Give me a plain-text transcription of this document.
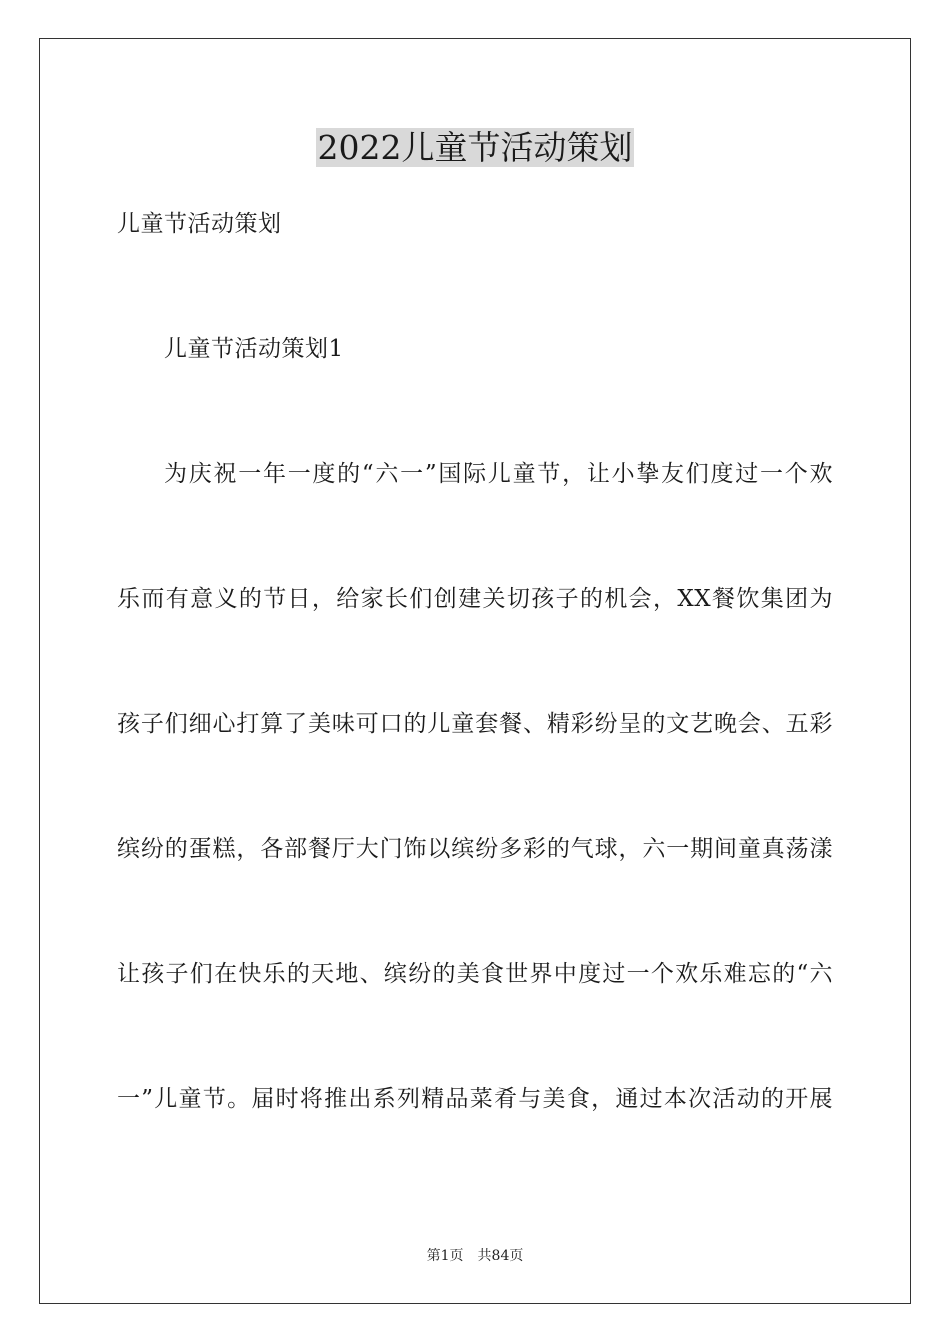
2022儿童节活动策划
儿童节活动策划
儿童节活动策划1
为庆祝一年一度的“六一”国际儿童节，让小挚友们度过一个欢
乐而有意义的节日，给家长们创建关切孩子的机会，XX餐饮集团为
孩子们细心打算了美味可口的儿童套餐、精彩纷呈的文艺晚会、五彩
缤纷的蛋糕，各部餐厅大门饰以缤纷多彩的气球，六一期间童真荡漾
让孩子们在快乐的天地、缤纷的美食世界中度过一个欢乐难忘的“六
一”儿童节。届时将推出系列精品菜肴与美食，通过本次活动的开展
第1页 共84页
